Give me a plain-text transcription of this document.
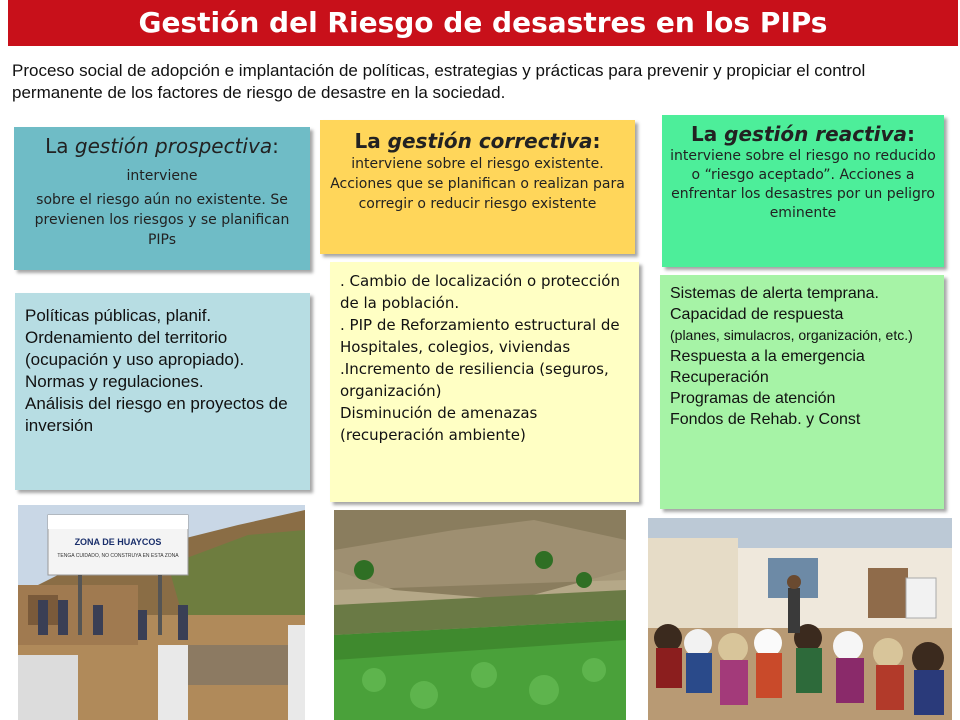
Gestión del Riesgo de desastres en los PIPs
Proceso social de adopción e implantación de políticas, estrategias y prácticas para prevenir y propiciar el control permanente de los factores de riesgo de desastre en la sociedad.
La gestión prospectiva: interviene
sobre el riesgo aún no existente. Se previenen los riesgos y se planifican PIPs
La gestión correctiva:
interviene sobre el riesgo existente. Acciones que se planifican o realizan para corregir o reducir riesgo existente
La gestión reactiva:
interviene sobre el riesgo no reducido o “riesgo aceptado”. Acciones a enfrentar los desastres por un peligro eminente
Políticas públicas, planif.
Ordenamiento del territorio (ocupación y uso apropiado).
Normas y regulaciones.
Análisis del riesgo en proyectos de inversión
. Cambio de localización o protección de la población.
. PIP de Reforzamiento estructural de Hospitales, colegios, viviendas
.Incremento de resiliencia (seguros, organización)
Disminución de amenazas (recuperación ambiente)
Sistemas de alerta temprana.
Capacidad de respuesta
(planes, simulacros, organización, etc.)
Respuesta a la emergencia
Recuperación
Programas de atención
Fondos de Rehab. y Const
ZONA DE HUAYCOS
TENGA CUIDADO, NO CONSTRUYA EN ESTA ZONA
